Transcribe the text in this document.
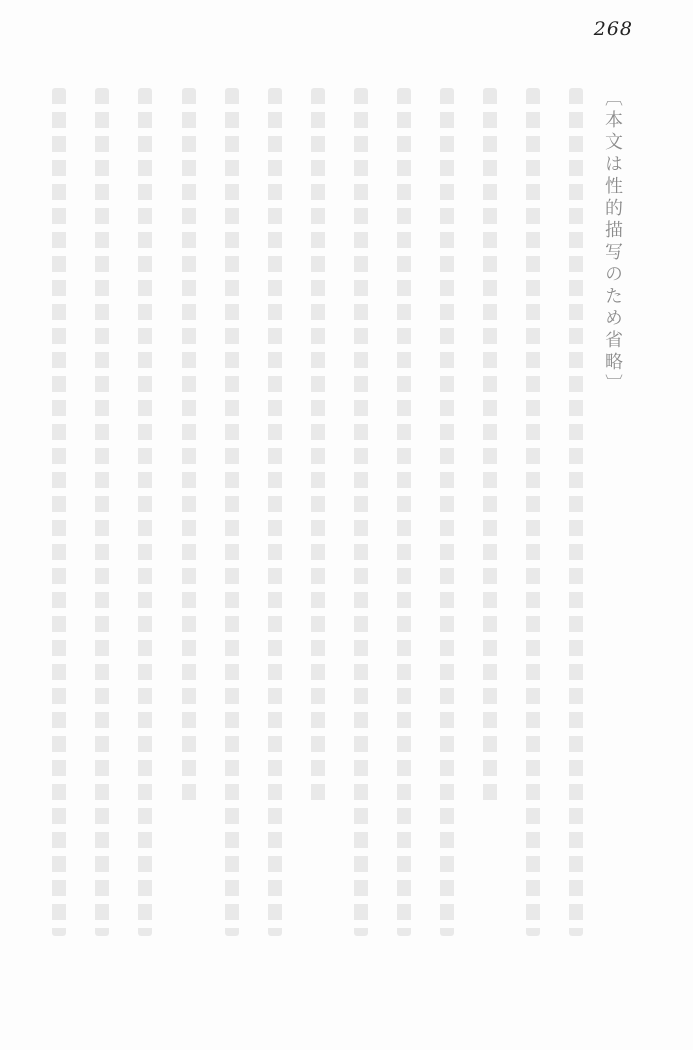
268
〔本文は性的描写のため省略〕
